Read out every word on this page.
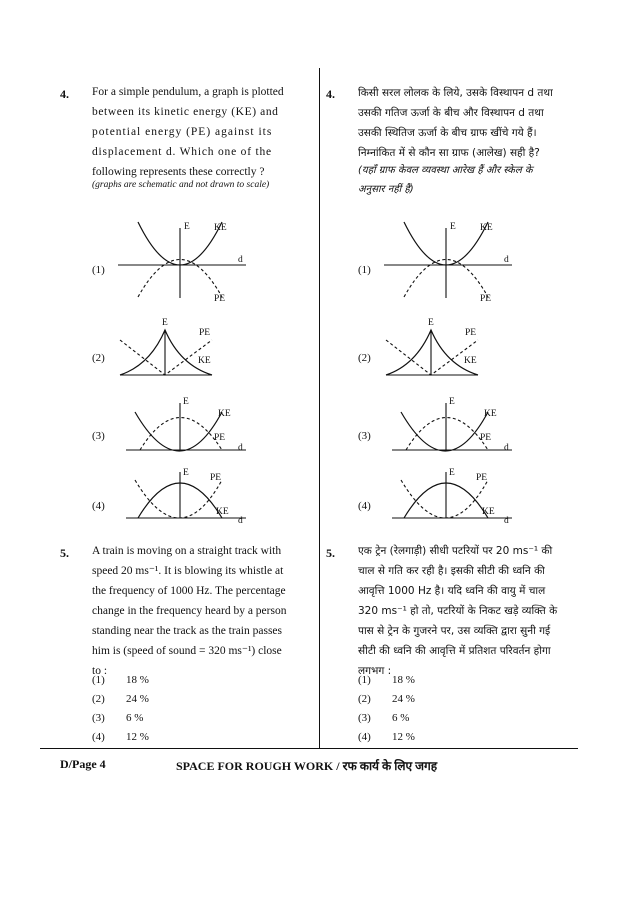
4. For a simple pendulum, a graph is plotted
between its kinetic energy (KE) and
potential energy (PE) against its
displacement d. Which one of the
following represents these correctly ?
(graphs are schematic and not drawn to scale)
(1)
(2)
(3)
(4)
E	KE
d
PE
E
PE
KE
E
KE
PE
d
E PE
KE
d
5. A train is moving on a straight track with
speed 20 ms⁻¹. It is blowing its whistle at
the frequency of 1000 Hz. The percentage
change in the frequency heard by a person
standing near the track as the train passes
him is (speed of sound = 320 ms⁻¹) close
to :
(1)	18 %
(2)	24 %
(3)	6 %
(4)	12 %
4. किसी सरल लोलक के लिये, उसके विस्थापन d तथा
उसकी गतिज ऊर्जा के बीच और विस्थापन d तथा
उसकी स्थितिज ऊर्जा के बीच ग्राफ खींचे गये हैं।
निम्नांकित में से कौन सा ग्राफ (आलेख) सही है?
(यहाँ ग्राफ केवल व्यवस्था आरेख हैं और स्केल के
अनुसार नहीं हैं)
(1)
(2)
(3)
(4)
E	KE
d
PE
E
PE
KE
E
KE
PE
d
E PE
KE
d
5. एक ट्रेन (रेलगाड़ी) सीधी पटरियों पर 20 ms⁻¹ की
चाल से गति कर रही है। इसकी सीटी की ध्वनि की
आवृत्ति 1000 Hz है। यदि ध्वनि की वायु में चाल
320 ms⁻¹ हो तो, पटरियों के निकट खड़े व्यक्ति के
पास से ट्रेन के गुजरने पर, उस व्यक्ति द्वारा सुनी गई
सीटी की ध्वनि की आवृत्ति में प्रतिशत परिवर्तन होगा
लगभग :
(1)	18 %
(2)	24 %
(3)	6 %
(4)	12 %
D/Page 4	SPACE FOR ROUGH WORK / रफ कार्य के लिए जगह
